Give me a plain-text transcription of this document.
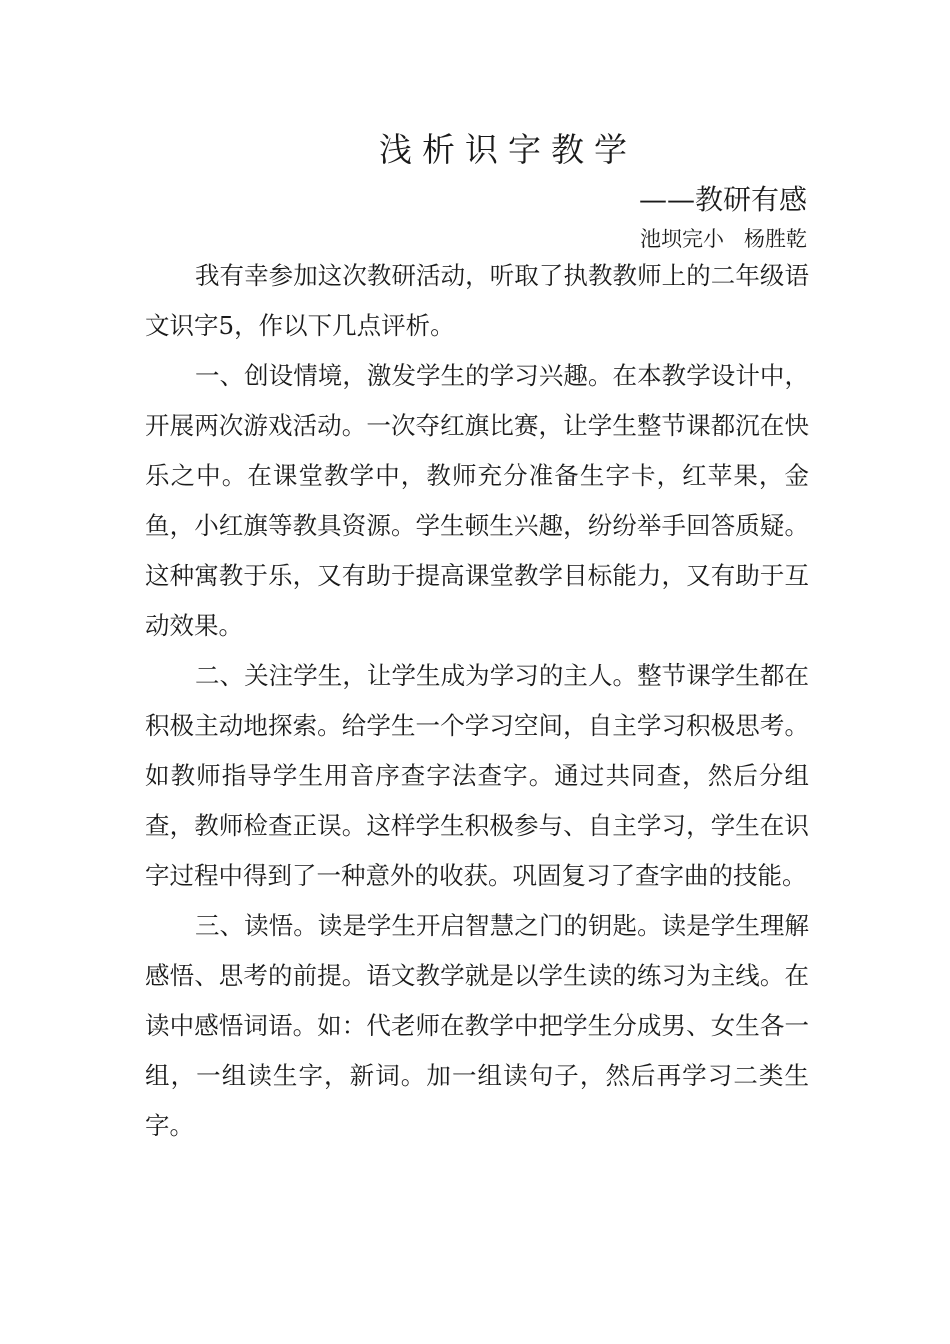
浅析识字教学

——教研有感

池坝完小   杨胜乾

我有幸参加这次教研活动，听取了执教教师上的二年级语文识字5，作以下几点评析。

一、创设情境，激发学生的学习兴趣。在本教学设计中，开展两次游戏活动。一次夺红旗比赛，让学生整节课都沉在快乐之中。在课堂教学中，教师充分准备生字卡，红苹果，金鱼，小红旗等教具资源。学生顿生兴趣，纷纷举手回答质疑。这种寓教于乐，又有助于提高课堂教学目标能力，又有助于互动效果。

二、关注学生，让学生成为学习的主人。整节课学生都在积极主动地探索。给学生一个学习空间，自主学习积极思考。如教师指导学生用音序查字法查字。通过共同查，然后分组查，教师检查正误。这样学生积极参与、自主学习，学生在识字过程中得到了一种意外的收获。巩固复习了查字曲的技能。

三、读悟。读是学生开启智慧之门的钥匙。读是学生理解感悟、思考的前提。语文教学就是以学生读的练习为主线。在读中感悟词语。如：代老师在教学中把学生分成男、女生各一组，一组读生字，新词。加一组读句子，然后再学习二类生字。
